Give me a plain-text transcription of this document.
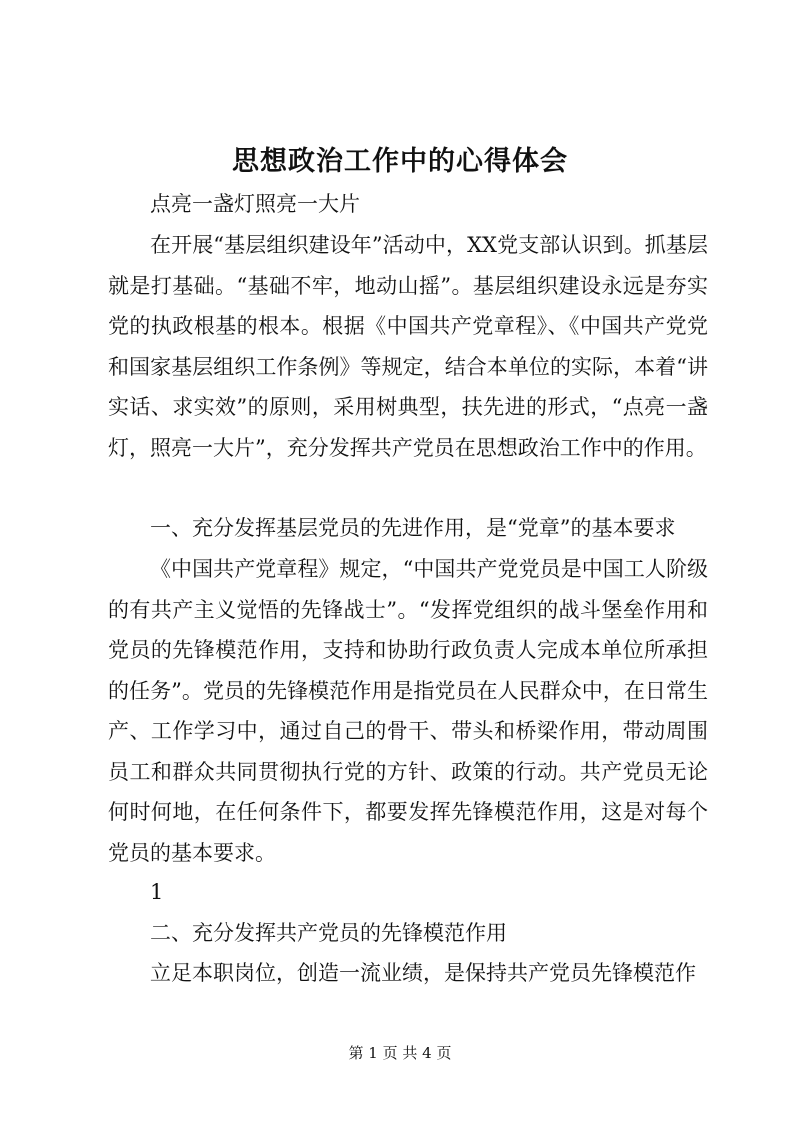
思想政治工作中的心得体会

点亮一盏灯照亮一大片

在开展“基层组织建设年”活动中，XX党支部认识到。抓基层就是打基础。“基础不牢，地动山摇”。基层组织建设永远是夯实党的执政根基的根本。根据《中国共产党章程》、《中国共产党党和国家基层组织工作条例》等规定，结合本单位的实际，本着“讲实话、求实效”的原则，采用树典型，扶先进的形式，“点亮一盏灯，照亮一大片”，充分发挥共产党员在思想政治工作中的作用。

一、充分发挥基层党员的先进作用，是“党章”的基本要求

《中国共产党章程》规定，“中国共产党党员是中国工人阶级的有共产主义觉悟的先锋战士”。“发挥党组织的战斗堡垒作用和党员的先锋模范作用，支持和协助行政负责人完成本单位所承担的任务”。党员的先锋模范作用是指党员在人民群众中，在日常生产、工作学习中，通过自己的骨干、带头和桥梁作用，带动周围员工和群众共同贯彻执行党的方针、政策的行动。共产党员无论何时何地，在任何条件下，都要发挥先锋模范作用，这是对每个党员的基本要求。

1

二、充分发挥共产党员的先锋模范作用

立足本职岗位，创造一流业绩，是保持共产党员先锋模范作

第 1 页 共 4 页
